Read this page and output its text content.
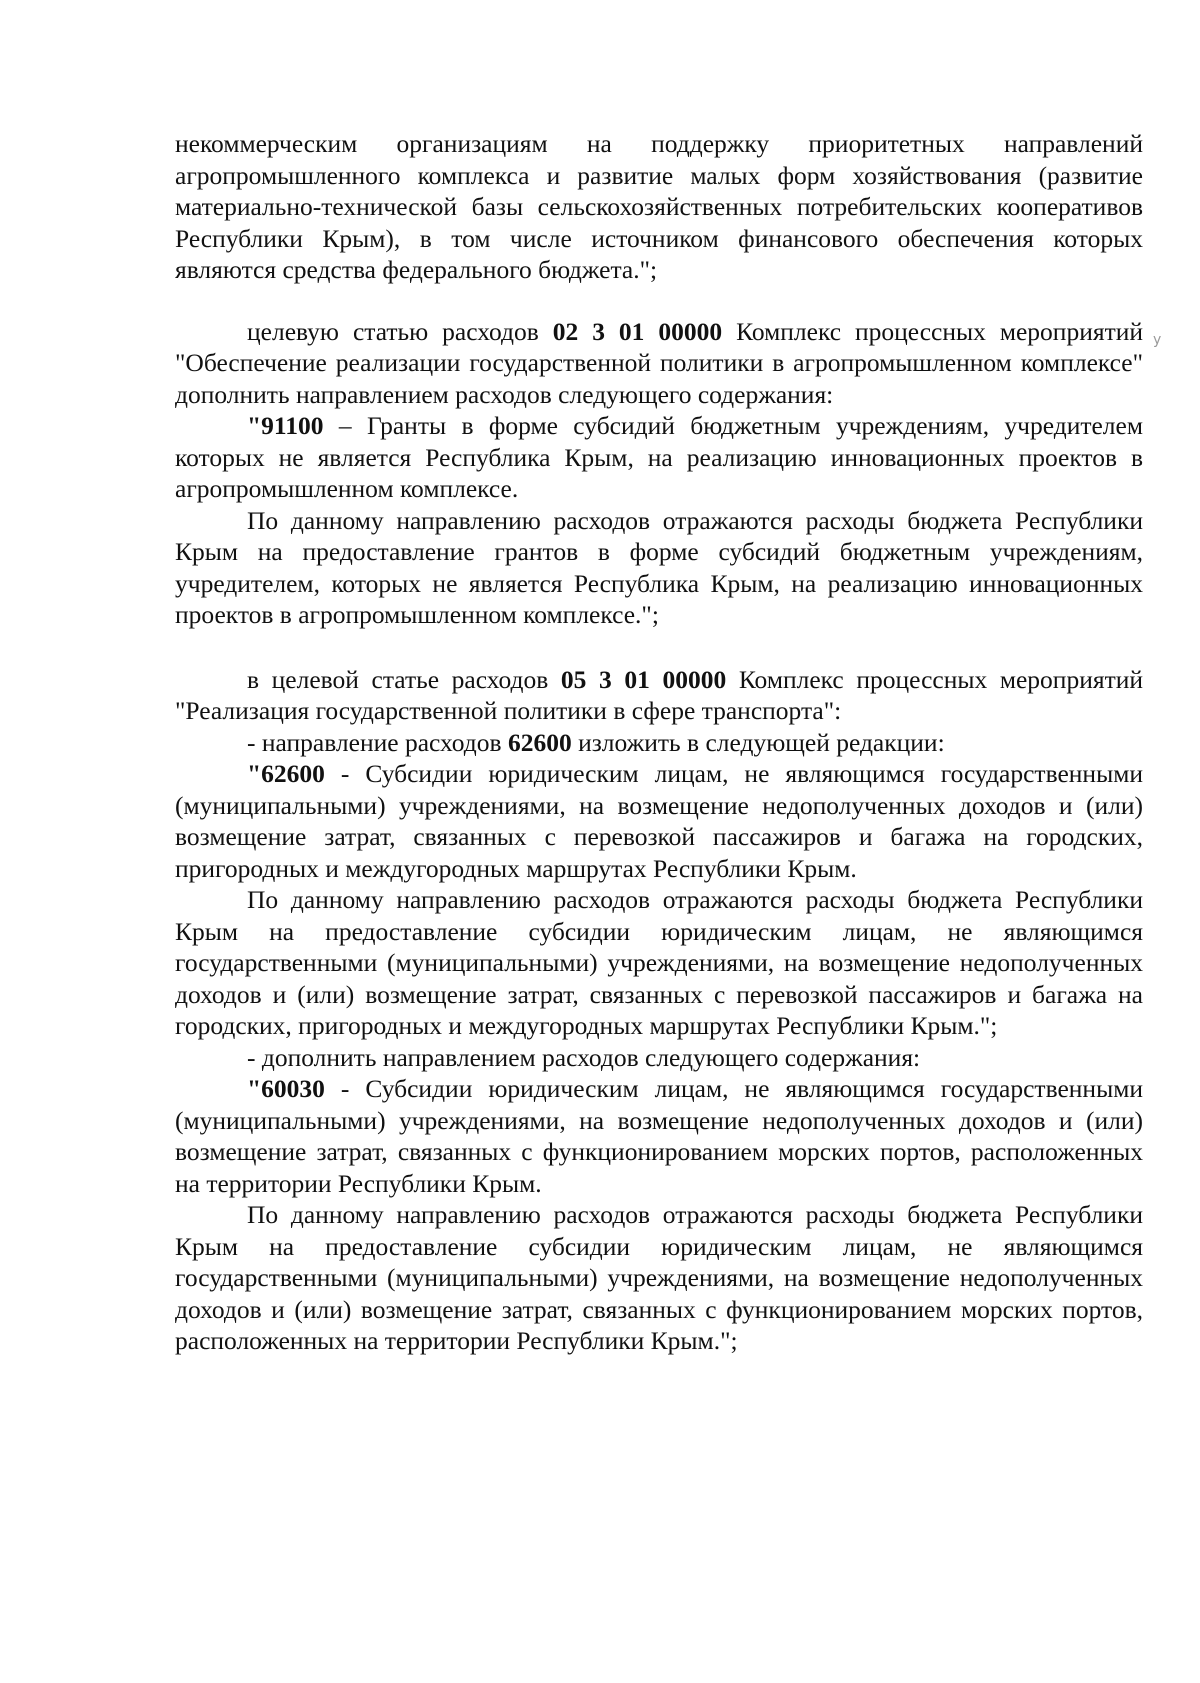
некоммерческим организациям на поддержку приоритетных направлений агропромышленного комплекса и развитие малых форм хозяйствования (развитие материально-технической базы сельскохозяйственных потребительских кооперативов Республики Крым), в том числе источником финансового обеспечения которых являются средства федерального бюджета.";

целевую статью расходов 02 3 01 00000 Комплекс процессных мероприятий "Обеспечение реализации государственной политики в агропромышленном комплексе" дополнить направлением расходов следующего содержания:

"91100 – Гранты в форме субсидий бюджетным учреждениям, учредителем которых не является Республика Крым, на реализацию инновационных проектов в агропромышленном комплексе.

По данному направлению расходов отражаются расходы бюджета Республики Крым на предоставление грантов в форме субсидий бюджетным учреждениям, учредителем, которых не является Республика Крым, на реализацию инновационных проектов в агропромышленном комплексе.";

в целевой статье расходов 05 3 01 00000 Комплекс процессных мероприятий "Реализация государственной политики в сфере транспорта":

- направление расходов 62600 изложить в следующей редакции:

"62600 - Субсидии юридическим лицам, не являющимся государственными (муниципальными) учреждениями, на возмещение недополученных доходов и (или) возмещение затрат, связанных с перевозкой пассажиров и багажа на городских, пригородных и междугородных маршрутах Республики Крым.

По данному направлению расходов отражаются расходы бюджета Республики Крым на предоставление субсидии юридическим лицам, не являющимся государственными (муниципальными) учреждениями, на возмещение недополученных доходов и (или) возмещение затрат, связанных с перевозкой пассажиров и багажа на городских, пригородных и междугородных маршрутах Республики Крым.";

- дополнить направлением расходов следующего содержания:

"60030 - Субсидии юридическим лицам, не являющимся государственными (муниципальными) учреждениями, на возмещение недополученных доходов и (или) возмещение затрат, связанных с функционированием морских портов, расположенных на территории Республики Крым.

По данному направлению расходов отражаются расходы бюджета Республики Крым на предоставление субсидии юридическим лицам, не являющимся государственными (муниципальными) учреждениями, на возмещение недополученных доходов и (или) возмещение затрат, связанных с функционированием морских портов, расположенных на территории Республики Крым.";

у
